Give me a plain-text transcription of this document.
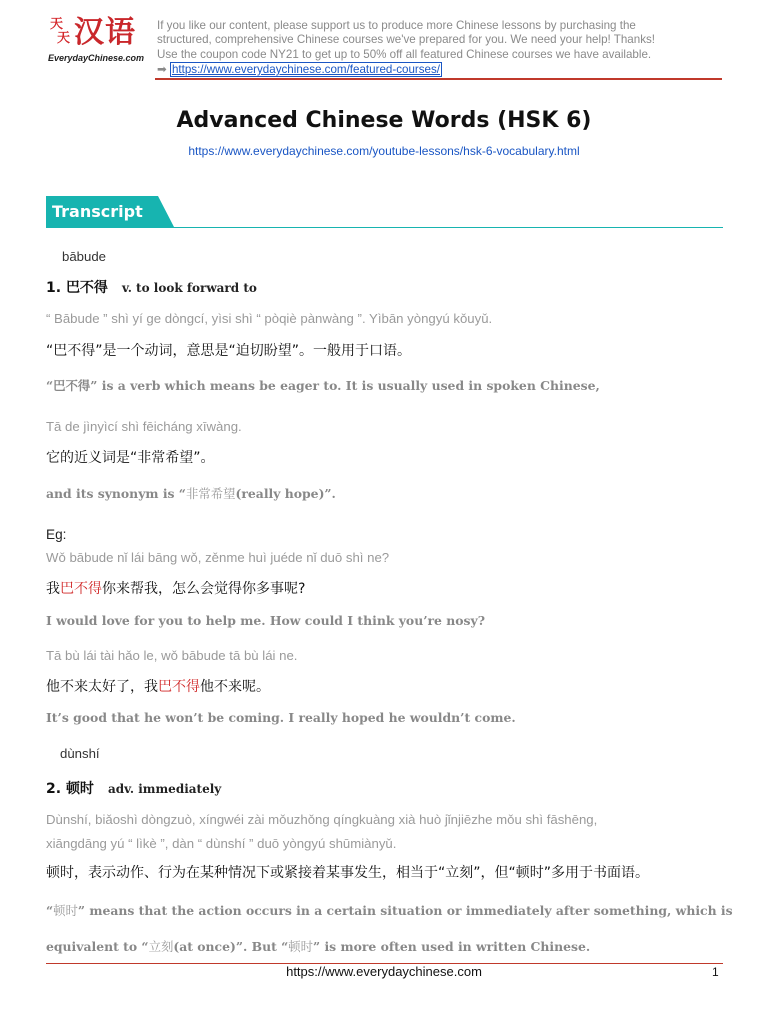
天
天 汉语
EverydayChinese.com

If you like our content, please support us to produce more Chinese lessons by purchasing the

structured, comprehensive Chinese courses we've prepared for you. We need your help! Thanks!

Use the coupon code NY21 to get up to 50% off all featured Chinese courses we have available.

➡ https://www.everydaychinese.com/featured-courses/
Advanced Chinese Words (HSK 6)
https://www.everydaychinese.com/youtube-lessons/hsk-6-vocabulary.html
Transcript
bābude
1. 巴不得 v. to look forward to
“ Bābude ” shì yí ge dòngcí, yìsi shì “ pòqiè pànwàng ”. Yìbān yòngyú kǒuyǔ.
“巴不得”是一个动词，意思是“迫切盼望”。一般用于口语。
“巴不得” is a verb which means be eager to. It is usually used in spoken Chinese,
Tā de jìnyìcí shì fēicháng xīwàng.
它的近义词是“非常希望”。
and its synonym is “非常希望(really hope)”.
Eg:
Wǒ bābude nǐ lái bāng wǒ, zěnme huì juéde nǐ duō shì ne?
我巴不得你来帮我，怎么会觉得你多事呢?
I would love for you to help me. How could I think you’re nosy?
Tā bù lái tài hǎo le, wǒ bābude tā bù lái ne.
他不来太好了，我巴不得他不来呢。
It’s good that he won’t be coming. I really hoped he wouldn’t come.
dùnshí
2. 顿时 adv. immediately
Dùnshí, biǎoshì dòngzuò, xíngwéi zài mǒuzhǒng qíngkuàng xià huò jǐnjiēzhe mǒu shì fāshēng,
xiāngdāng yú “ lìkè ”, dàn “ dùnshí ” duō yòngyú shūmiànyǔ.
顿时，表示动作、行为在某种情况下或紧接着某事发生，相当于“立刻”，但“顿时”多用于书面语。
“顿时” means that the action occurs in a certain situation or immediately after something, which is
equivalent to “立刻(at once)”. But “顿时” is more often used in written Chinese.
https://www.everydaychinese.com	1
